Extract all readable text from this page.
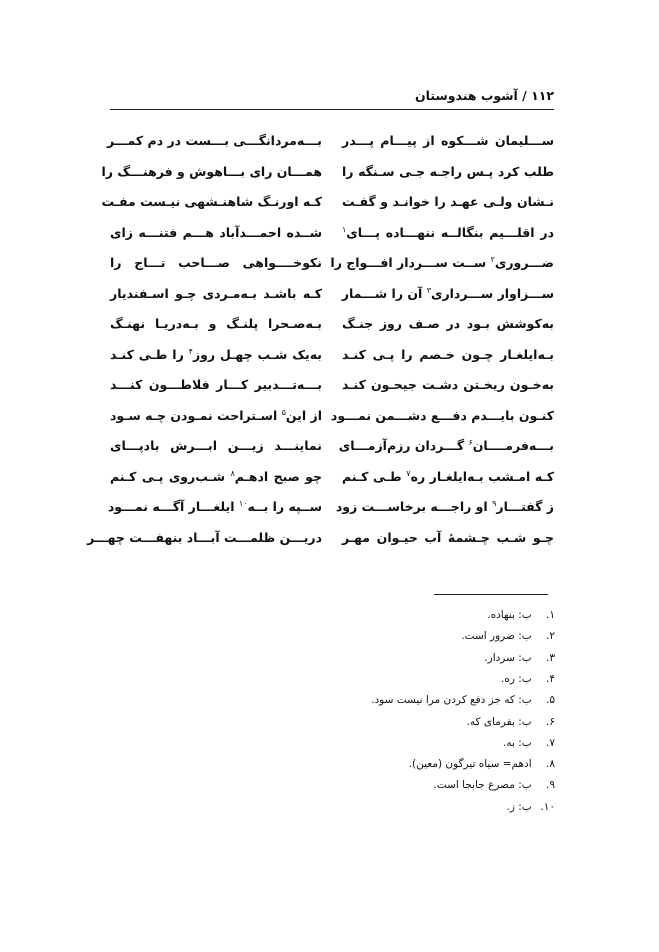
۱۱۲ / آشوب هندوستان
ســـلیمان شـــکوه از پیـــام پـــدر
بـــه‌مردانگـــی بـــست در دم کمـــر
طلب کرد پـس راجـه جـی سـنگه را
همـــان رای بـــاهوش و فرهنـــگ را
نـشان ولـی عهـد را خوانـد و گفـت
کـه اورنـگ شاهنـشهی نیـست مفـت
در اقلـــیم بنگالــه ننهـــاده پـــای$^۱$
شــده احمـــدآباد هـــم فتنـــه زای
ضـــروری$^۲$ ســت ســـردار افـــواج را
نکوخــــواهی صـــاحب تـــاج را
ســـزاوار ســـرداری$^۳$ آن را شـــمار
کـه باشـد بـه‌مـردی چـو اسـفندیار
به‌کوشش بـود در صـف روز جنـگ
بـه‌صـحرا پلنـگ و بـه‌دریـا نهنـگ
بـه‌ایلغـار چـون خـصم را پـی کنـد
به‌یک شـب چهـل روز$^۴$ را طـی کنـد
به‌خـون ریخـتن دشـت جیحـون کنـد
بـــه‌تـــدبیر کـــار فلاطـــون کنـــد
کنـون بایـــدم دفـــع دشـــمن نمـــود
از این$^۵$ اسـتراحت نمـودن چـه سـود
بـــه‌فرمــــان$^۶$ گـــردان رزم‌آزمـــای
نماینـــد زیـــن ابـــرش بادپـــای
کـه امـشب بـه‌ایلغـار ره$^۷$ طـی کـنم
چو صبح ادهـم$^۸$ شـب‌روی پـی کـنم
ز گفتـــار$^۹$ او راجـــه برخاســـت زود
ســپه را بــه$^{۱۰}$ ایلغـــار آگـــه نمـــود
چـو شـب چـشمهٔ آب حیـوان مهـر
دریـــن ظلمـــت آبـــاد بنهفـــت چهـــر
۱. ب: بنهاده.
۲. ب: ضرور است.
۳. ب: سردار.
۴. ب: ره.
۵. ب: که جز دفع کردن مرا نیست سود.
۶. ب: بفرمای که.
۷. ب: به.
۸. ادهم= سیاه تیرگون (معین).
۹. ب: مصرع جابجا است.
۱۰. ب: ز.
